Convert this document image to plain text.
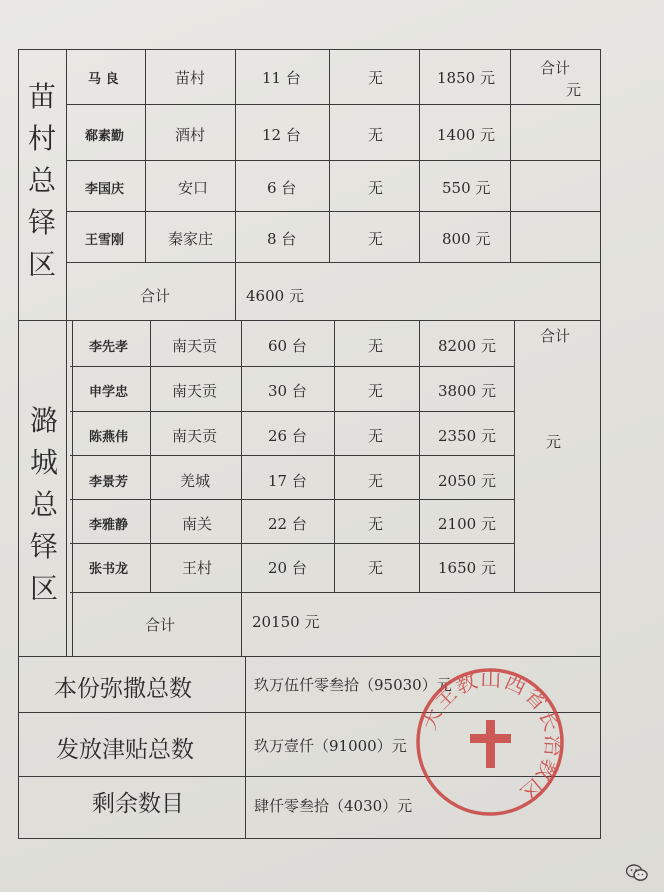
苗
村
总
铎
区
马 良	苗村	11 台	无	1850 元
郗素勤	酒村	12 台	无	1400 元
李国庆	安口	6 台	无	550 元
王雪刚	秦家庄	8 台	无	800 元
合计
元
合计	4600 元
潞
城
总
铎
区
李先孝	南天贡	60 台	无	8200 元
申学忠	南天贡	30 台	无	3800 元
陈燕伟	南天贡	26 台	无	2350 元
李景芳	羌城	17 台	无	2050 元
李雅静	南关	22 台	无	2100 元
张书龙	王村	20 台	无	1650 元
合计
元
合计	20150 元
本份弥撒总数	玖万伍仟零叁拾（95030）元
发放津贴总数	玖万壹仟（91000）元
剩余数目	肆仟零叁拾（4030）元
天主教山西省长治教区
